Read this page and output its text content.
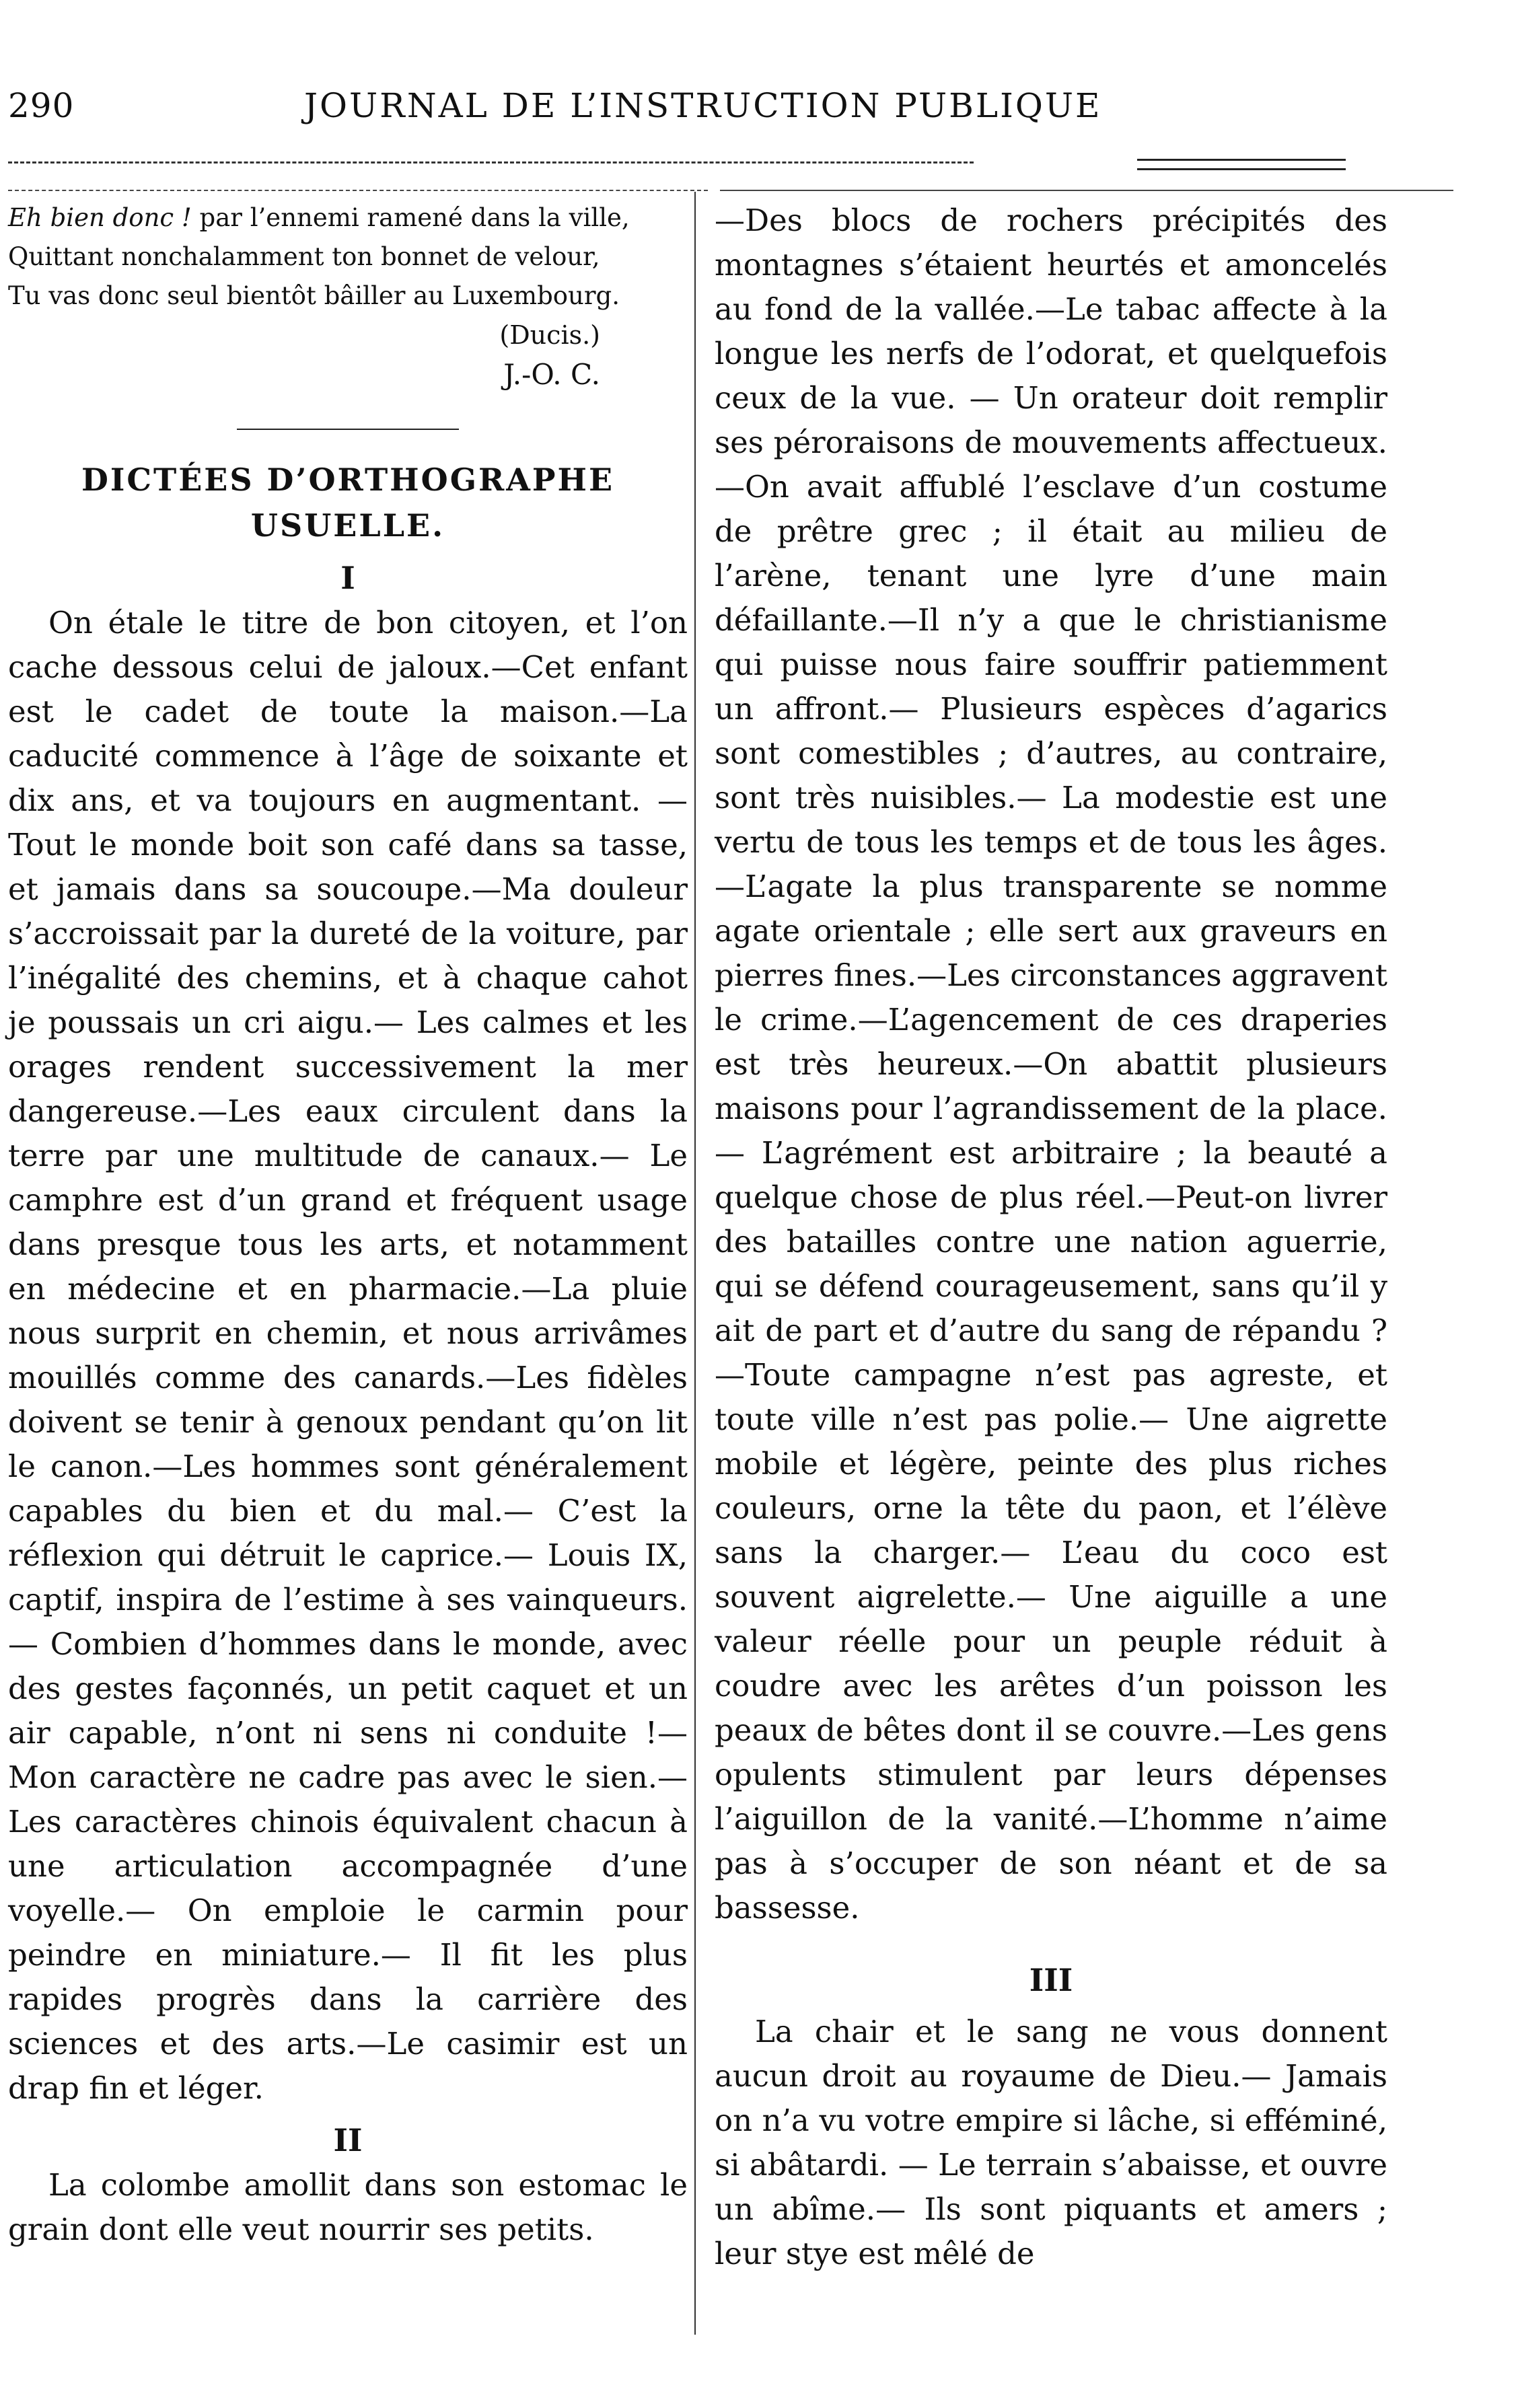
290	JOURNAL DE L’INSTRUCTION PUBLIQUE

Eh bien donc ! par l’ennemi ramené dans la ville,

Quittant nonchalamment ton bonnet de velour,

Tu vas donc seul bientôt bâiller au Luxembourg.

(Ducis.)

J.-O. C.

DICTÉES D’ORTHOGRAPHE
USUELLE.
I

On étale le titre de bon citoyen, et l’on cache dessous celui de jaloux.—Cet enfant est le cadet de toute la maison.—La caducité commence à l’âge de soixante et dix ans, et va toujours en augmentant. —Tout le monde boit son café dans sa tasse, et jamais dans sa soucoupe.—Ma douleur s’accroissait par la dureté de la voiture, par l’inégalité des chemins, et à chaque cahot je poussais un cri aigu.— Les calmes et les orages rendent successivement la mer dangereuse.—Les eaux circulent dans la terre par une multitude de canaux.— Le camphre est d’un grand et fréquent usage dans presque tous les arts, et notamment en médecine et en pharmacie.—La pluie nous surprit en chemin, et nous arrivâmes mouillés comme des canards.—Les fidèles doivent se tenir à genoux pendant qu’on lit le canon.—Les hommes sont généralement capables du bien et du mal.— C’est la réflexion qui détruit le caprice.— Louis IX, captif, inspira de l’estime à ses vainqueurs.— Combien d’hommes dans le monde, avec des gestes façonnés, un petit caquet et un air capable, n’ont ni sens ni conduite !— Mon caractère ne cadre pas avec le sien.—Les caractères chinois équivalent chacun à une articulation accompagnée d’une voyelle.— On emploie le carmin pour peindre en miniature.— Il fit les plus rapides progrès dans la carrière des sciences et des arts.—Le casimir est un drap fin et léger.

II

La colombe amollit dans son estomac le grain dont elle veut nourrir ses petits.

—Des blocs de rochers précipités des montagnes s’étaient heurtés et amoncelés au fond de la vallée.—Le tabac affecte à la longue les nerfs de l’odorat, et quelquefois ceux de la vue. — Un orateur doit remplir ses péroraisons de mouvements affectueux.—On avait affublé l’esclave d’un costume de prêtre grec ; il était au milieu de l’arène, tenant une lyre d’une main défaillante.—Il n’y a que le christianisme qui puisse nous faire souffrir patiemment un affront.— Plusieurs espèces d’agarics sont comestibles ; d’autres, au contraire, sont très nuisibles.— La modestie est une vertu de tous les temps et de tous les âges.—L’agate la plus transparente se nomme agate orientale ; elle sert aux graveurs en pierres fines.—Les circonstances aggravent le crime.—L’agencement de ces draperies est très heureux.—On abattit plusieurs maisons pour l’agrandissement de la place.— L’agrément est arbitraire ; la beauté a quelque chose de plus réel.—Peut-on livrer des batailles contre une nation aguerrie, qui se défend courageusement, sans qu’il y ait de part et d’autre du sang de répandu ?—Toute campagne n’est pas agreste, et toute ville n’est pas polie.— Une aigrette mobile et légère, peinte des plus riches couleurs, orne la tête du paon, et l’élève sans la charger.— L’eau du coco est souvent aigrelette.— Une aiguille a une valeur réelle pour un peuple réduit à coudre avec les arêtes d’un poisson les peaux de bêtes dont il se couvre.—Les gens opulents stimulent par leurs dépenses l’aiguillon de la vanité.—L’homme n’aime pas à s’occuper de son néant et de sa bassesse.

III

La chair et le sang ne vous donnent aucun droit au royaume de Dieu.— Jamais on n’a vu votre empire si lâche, si efféminé, si abâtardi. — Le terrain s’abaisse, et ouvre un abîme.— Ils sont piquants et amers ; leur stye est mêlé de
